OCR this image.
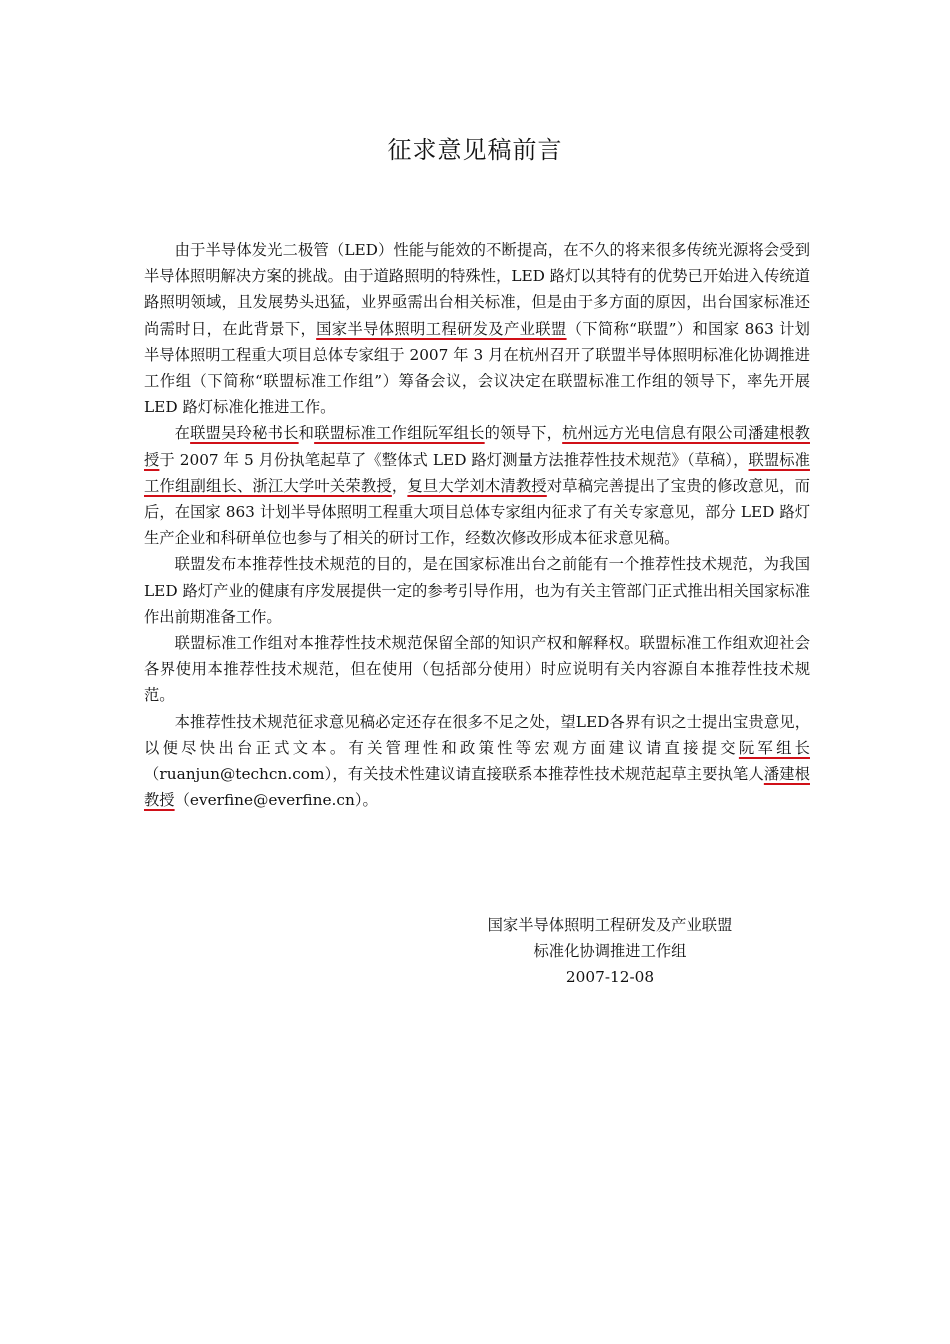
征求意见稿前言

由于半导体发光二极管（LED）性能与能效的不断提高，在不久的将来很多传统光源将会受到半导体照明解决方案的挑战。由于道路照明的特殊性，LED 路灯以其特有的优势已开始进入传统道路照明领域，且发展势头迅猛，业界亟需出台相关标准，但是由于多方面的原因，出台国家标准还尚需时日，在此背景下，国家半导体照明工程研发及产业联盟（下简称“联盟”）和国家 863 计划半导体照明工程重大项目总体专家组于 2007 年 3 月在杭州召开了联盟半导体照明标准化协调推进工作组（下简称“联盟标准工作组”）筹备会议，会议决定在联盟标准工作组的领导下，率先开展 LED 路灯标准化推进工作。

在联盟吴玲秘书长和联盟标准工作组阮军组长的领导下，杭州远方光电信息有限公司潘建根教授于 2007 年 5 月份执笔起草了《整体式 LED 路灯测量方法推荐性技术规范》（草稿），联盟标准工作组副组长、浙江大学叶关荣教授，复旦大学刘木清教授对草稿完善提出了宝贵的修改意见，而后，在国家 863 计划半导体照明工程重大项目总体专家组内征求了有关专家意见，部分 LED 路灯生产企业和科研单位也参与了相关的研讨工作，经数次修改形成本征求意见稿。

联盟发布本推荐性技术规范的目的，是在国家标准出台之前能有一个推荐性技术规范，为我国 LED 路灯产业的健康有序发展提供一定的参考引导作用，也为有关主管部门正式推出相关国家标准作出前期准备工作。

联盟标准工作组对本推荐性技术规范保留全部的知识产权和解释权。联盟标准工作组欢迎社会各界使用本推荐性技术规范，但在使用（包括部分使用）时应说明有关内容源自本推荐性技术规范。

本推荐性技术规范征求意见稿必定还存在很多不足之处，望LED各界有识之士提出宝贵意见，以便尽快出台正式文本。有关管理性和政策性等宏观方面建议请直接提交阮军组长（ruanjun@techcn.com），有关技术性建议请直接联系本推荐性技术规范起草主要执笔人潘建根教授（everfine@everfine.cn）。

国家半导体照明工程研发及产业联盟
标准化协调推进工作组
2007-12-08
